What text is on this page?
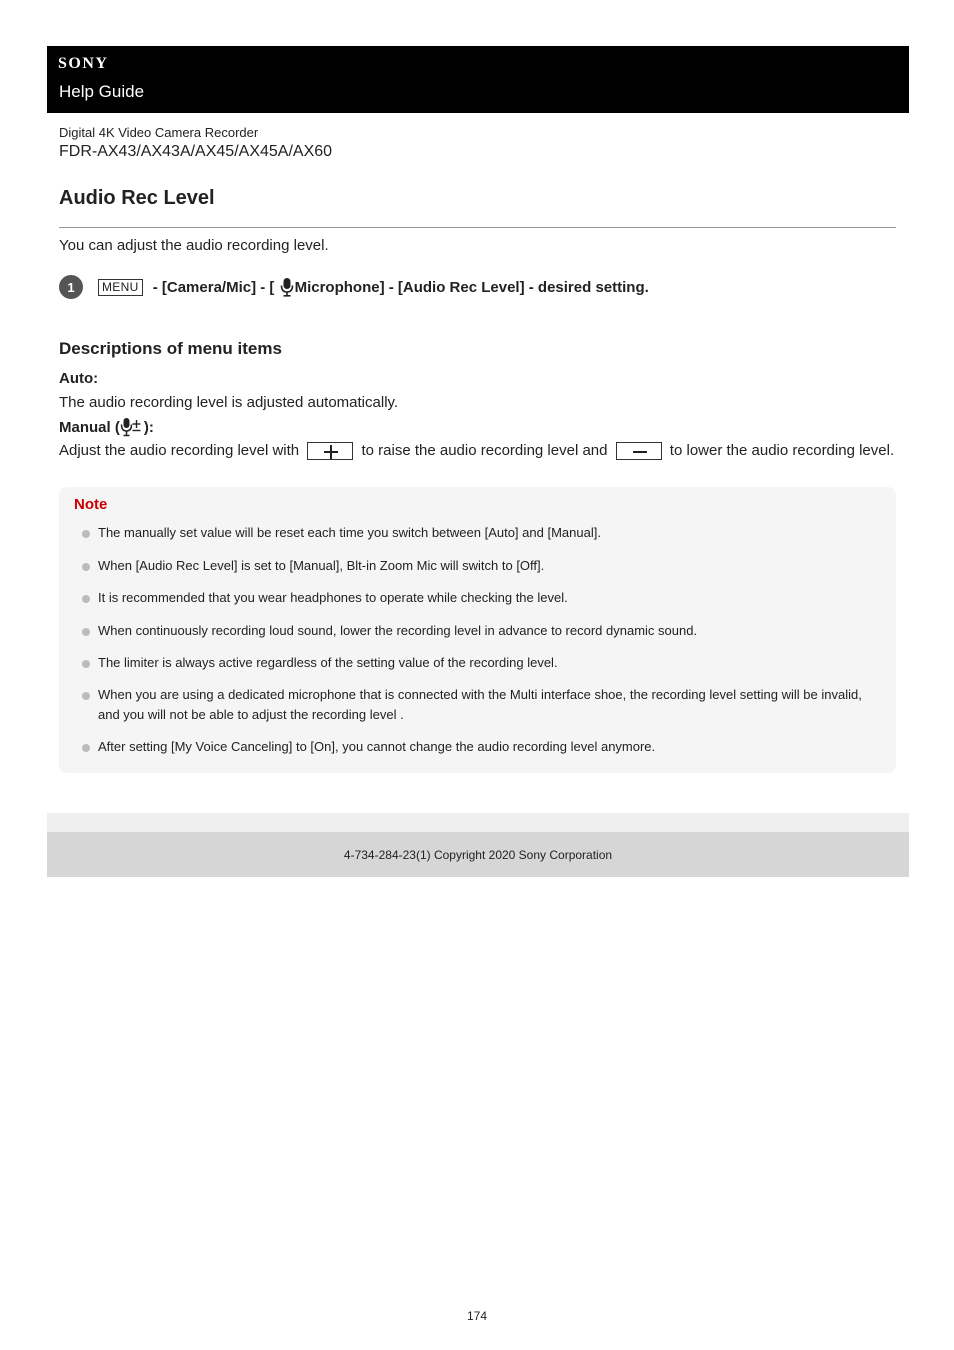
SONY
Help Guide
Digital 4K Video Camera Recorder
FDR-AX43/AX43A/AX45/AX45A/AX60
Audio Rec Level

You can adjust the audio recording level.

1	MENU - [Camera/Mic] - [ Microphone] - [Audio Rec Level] - desired setting.
Descriptions of menu items
Auto:
The audio recording level is adjusted automatically.
Manual ( ):
Adjust the audio recording level with	to raise the audio recording level and	to lower the audio recording level.
Note
The manually set value will be reset each time you switch between [Auto] and [Manual].
When [Audio Rec Level] is set to [Manual], Blt-in Zoom Mic will switch to [Off].
It is recommended that you wear headphones to operate while checking the level.
When continuously recording loud sound, lower the recording level in advance to record dynamic sound.
The limiter is always active regardless of the setting value of the recording level.
When you are using a dedicated microphone that is connected with the Multi interface shoe, the recording level setting will be invalid, and you will not be able to adjust the recording level .
After setting [My Voice Canceling] to [On], you cannot change the audio recording level anymore.
4-734-284-23(1) Copyright 2020 Sony Corporation
174
